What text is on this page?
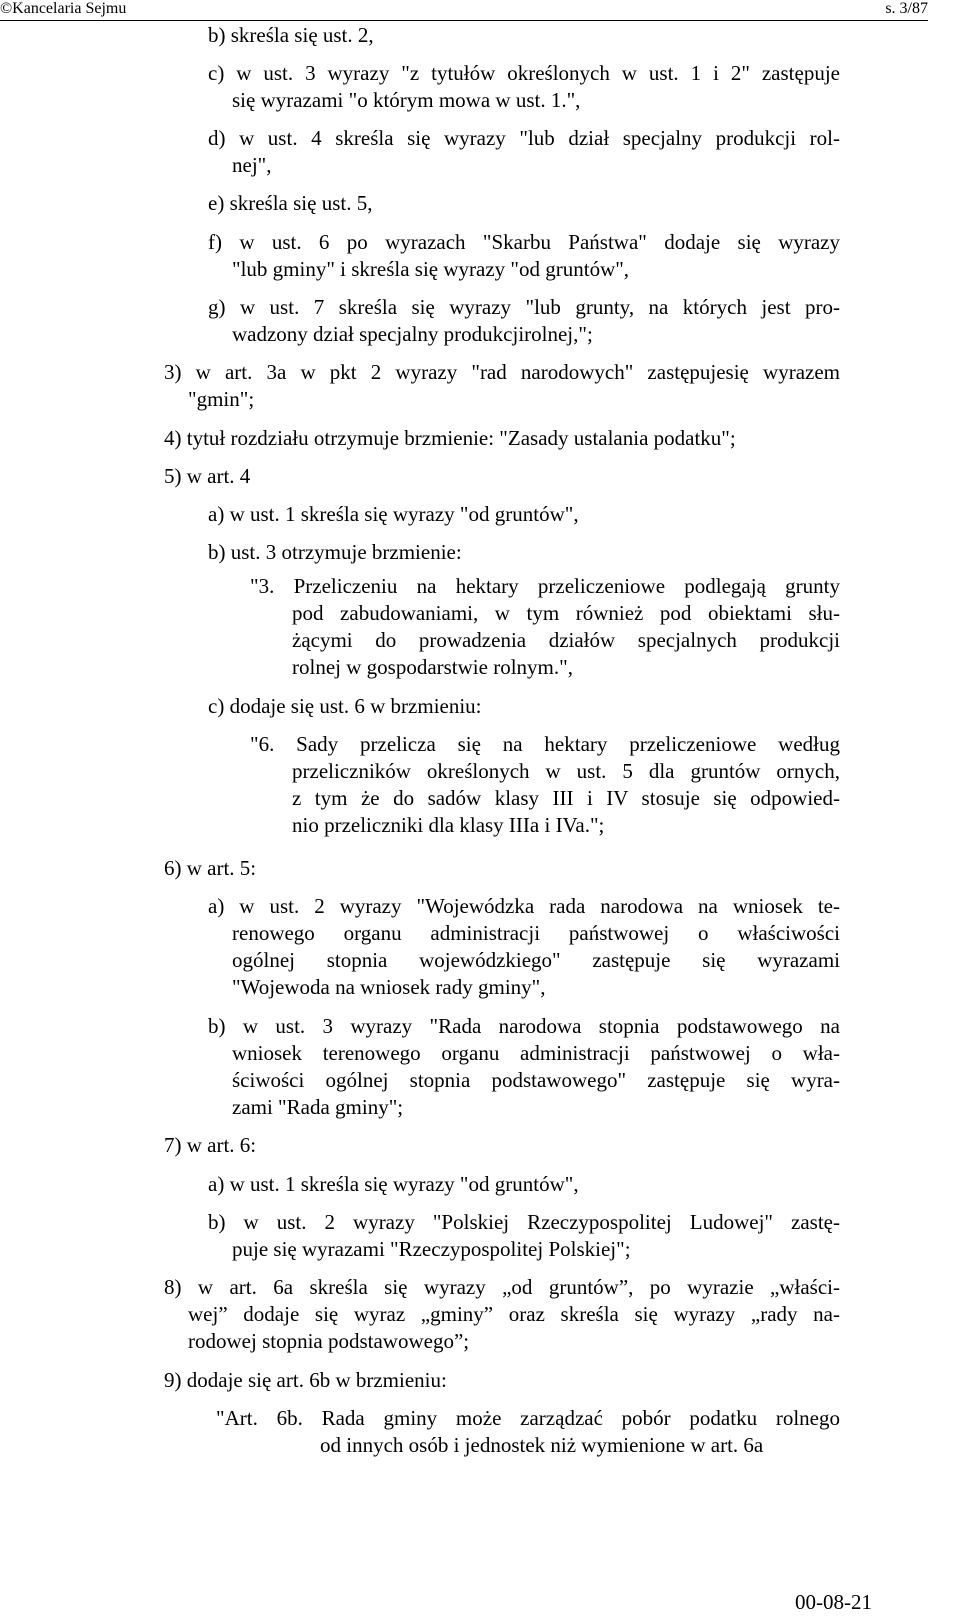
©Kancelaria Sejmu	s. 3/87
b) skreśla się ust. 2,
c) w ust. 3 wyrazy "z tytułów określonych w ust. 1 i 2" zastępuje
się wyrazami "o którym mowa w ust. 1.",
d) w ust. 4 skreśla się wyrazy "lub dział specjalny produkcji rol-
nej",
e) skreśla się ust. 5,
f) w ust. 6 po wyrazach "Skarbu Państwa" dodaje się wyrazy
"lub gminy" i skreśla się wyrazy "od gruntów",
g) w ust. 7 skreśla się wyrazy "lub grunty, na których jest pro-
wadzony dział specjalny produkcjirolnej,";
3) w art. 3a w pkt 2 wyrazy "rad narodowych" zastępujesię wyrazem
"gmin";
4) tytuł rozdziału otrzymuje brzmienie: "Zasady ustalania podatku";
5) w art. 4
a) w ust. 1 skreśla się wyrazy "od gruntów",
b) ust. 3 otrzymuje brzmienie:
"3. Przeliczeniu na hektary przeliczeniowe podlegają grunty
pod zabudowaniami, w tym również pod obiektami słu-
żącymi do prowadzenia działów specjalnych produkcji
rolnej w gospodarstwie rolnym.",
c) dodaje się ust. 6 w brzmieniu:
"6. Sady przelicza się na hektary przeliczeniowe według
przeliczników określonych w ust. 5 dla gruntów ornych,
z tym że do sadów klasy III i IV stosuje się odpowied-
nio przeliczniki dla klasy IIIa i IVa.";
6) w art. 5:
a) w ust. 2 wyrazy "Wojewódzka rada narodowa na wniosek te-
renowego organu administracji państwowej o właściwości
ogólnej stopnia wojewódzkiego" zastępuje się wyrazami
"Wojewoda na wniosek rady gminy",
b) w ust. 3 wyrazy "Rada narodowa stopnia podstawowego na
wniosek terenowego organu administracji państwowej o wła-
ściwości ogólnej stopnia podstawowego" zastępuje się wyra-
zami "Rada gminy";
7) w art. 6:
a) w ust. 1 skreśla się wyrazy "od gruntów",
b) w ust. 2 wyrazy "Polskiej Rzeczypospolitej Ludowej" zastę-
puje się wyrazami "Rzeczypospolitej Polskiej";
8) w art. 6a skreśla się wyrazy „od gruntów”, po wyrazie „właści-
wej” dodaje się wyraz „gminy” oraz skreśla się wyrazy „rady na-
rodowej stopnia podstawowego”;
9) dodaje się art. 6b w brzmieniu:
"Art. 6b. Rada gminy może zarządzać pobór podatku rolnego
od innych osób i jednostek niż wymienione w art. 6a
00-08-21
